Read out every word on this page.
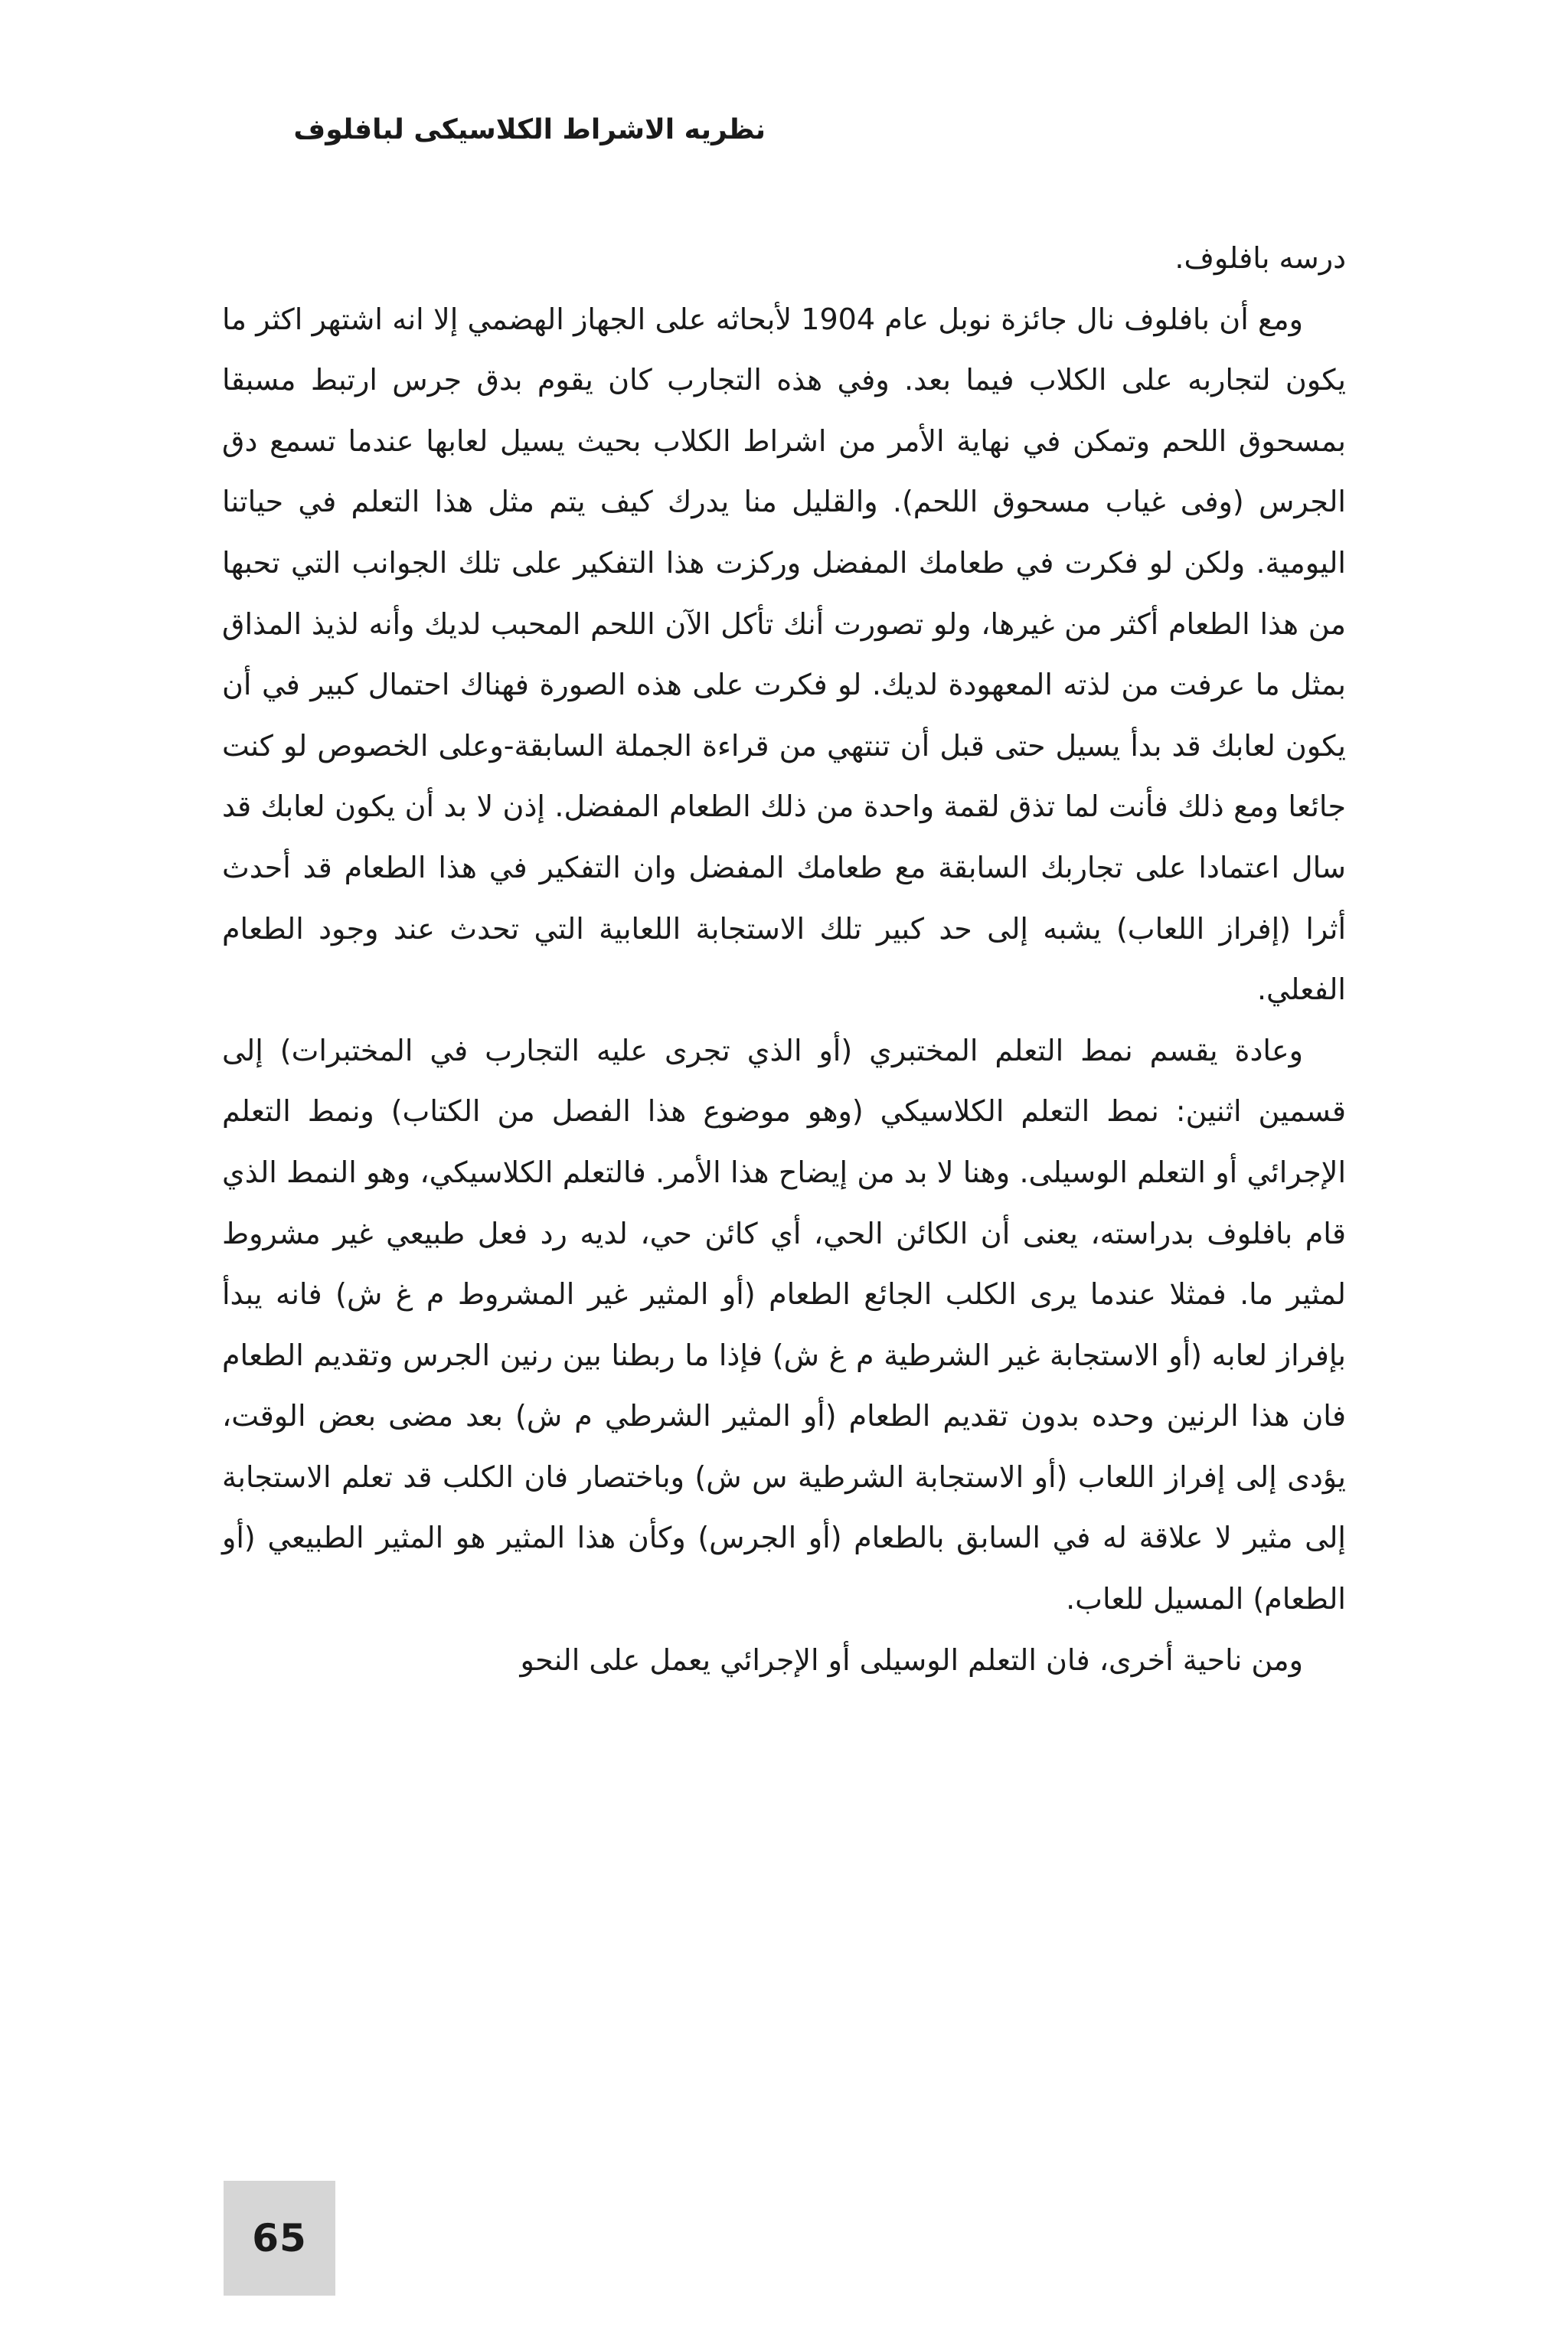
نظريه الاشراط الكلاسيكى لبافلوف

درسه بافلوف.

ومع أن بافلوف نال جائزة نوبل عام 1904 لأبحاثه على الجهاز الهضمي إلا انه اشتهر اكثر ما يكون لتجاربه على الكلاب فيما بعد. وفي هذه التجارب كان يقوم بدق جرس ارتبط مسبقا بمسحوق اللحم وتمكن في نهاية الأمر من اشراط الكلاب بحيث يسيل لعابها عندما تسمع دق الجرس (وفى غياب مسحوق اللحم). والقليل منا يدرك كيف يتم مثل هذا التعلم في حياتنا اليومية. ولكن لو فكرت في طعامك المفضل وركزت هذا التفكير على تلك الجوانب التي تحبها من هذا الطعام أكثر من غيرها، ولو تصورت أنك تأكل الآن اللحم المحبب لديك وأنه لذيذ المذاق بمثل ما عرفت من لذته المعهودة لديك. لو فكرت على هذه الصورة فهناك احتمال كبير في أن يكون لعابك قد بدأ يسيل حتى قبل أن تنتهي من قراءة الجملة السابقة-وعلى الخصوص لو كنت جائعا ومع ذلك فأنت لما تذق لقمة واحدة من ذلك الطعام المفضل. إذن لا بد أن يكون لعابك قد سال اعتمادا على تجاربك السابقة مع طعامك المفضل وان التفكير في هذا الطعام قد أحدث أثرا (إفراز اللعاب) يشبه إلى حد كبير تلك الاستجابة اللعابية التي تحدث عند وجود الطعام الفعلي.

وعادة يقسم نمط التعلم المختبري (أو الذي تجرى عليه التجارب في المختبرات) إلى قسمين اثنين: نمط التعلم الكلاسيكي (وهو موضوع هذا الفصل من الكتاب) ونمط التعلم الإجرائي أو التعلم الوسيلى. وهنا لا بد من إيضاح هذا الأمر. فالتعلم الكلاسيكي، وهو النمط الذي قام بافلوف بدراسته، يعنى أن الكائن الحي، أي كائن حي، لديه رد فعل طبيعي غير مشروط لمثير ما. فمثلا عندما يرى الكلب الجائع الطعام (أو المثير غير المشروط م غ ش) فانه يبدأ بإفراز لعابه (أو الاستجابة غير الشرطية م غ ش) فإذا ما ربطنا بين رنين الجرس وتقديم الطعام فان هذا الرنين وحده بدون تقديم الطعام (أو المثير الشرطي م ش) بعد مضى بعض الوقت، يؤدى إلى إفراز اللعاب (أو الاستجابة الشرطية س ش) وباختصار فان الكلب قد تعلم الاستجابة إلى مثير لا علاقة له في السابق بالطعام (أو الجرس) وكأن هذا المثير هو المثير الطبيعي (أو الطعام) المسيل للعاب.

ومن ناحية أخرى، فان التعلم الوسيلى أو الإجرائي يعمل على النحو

65
